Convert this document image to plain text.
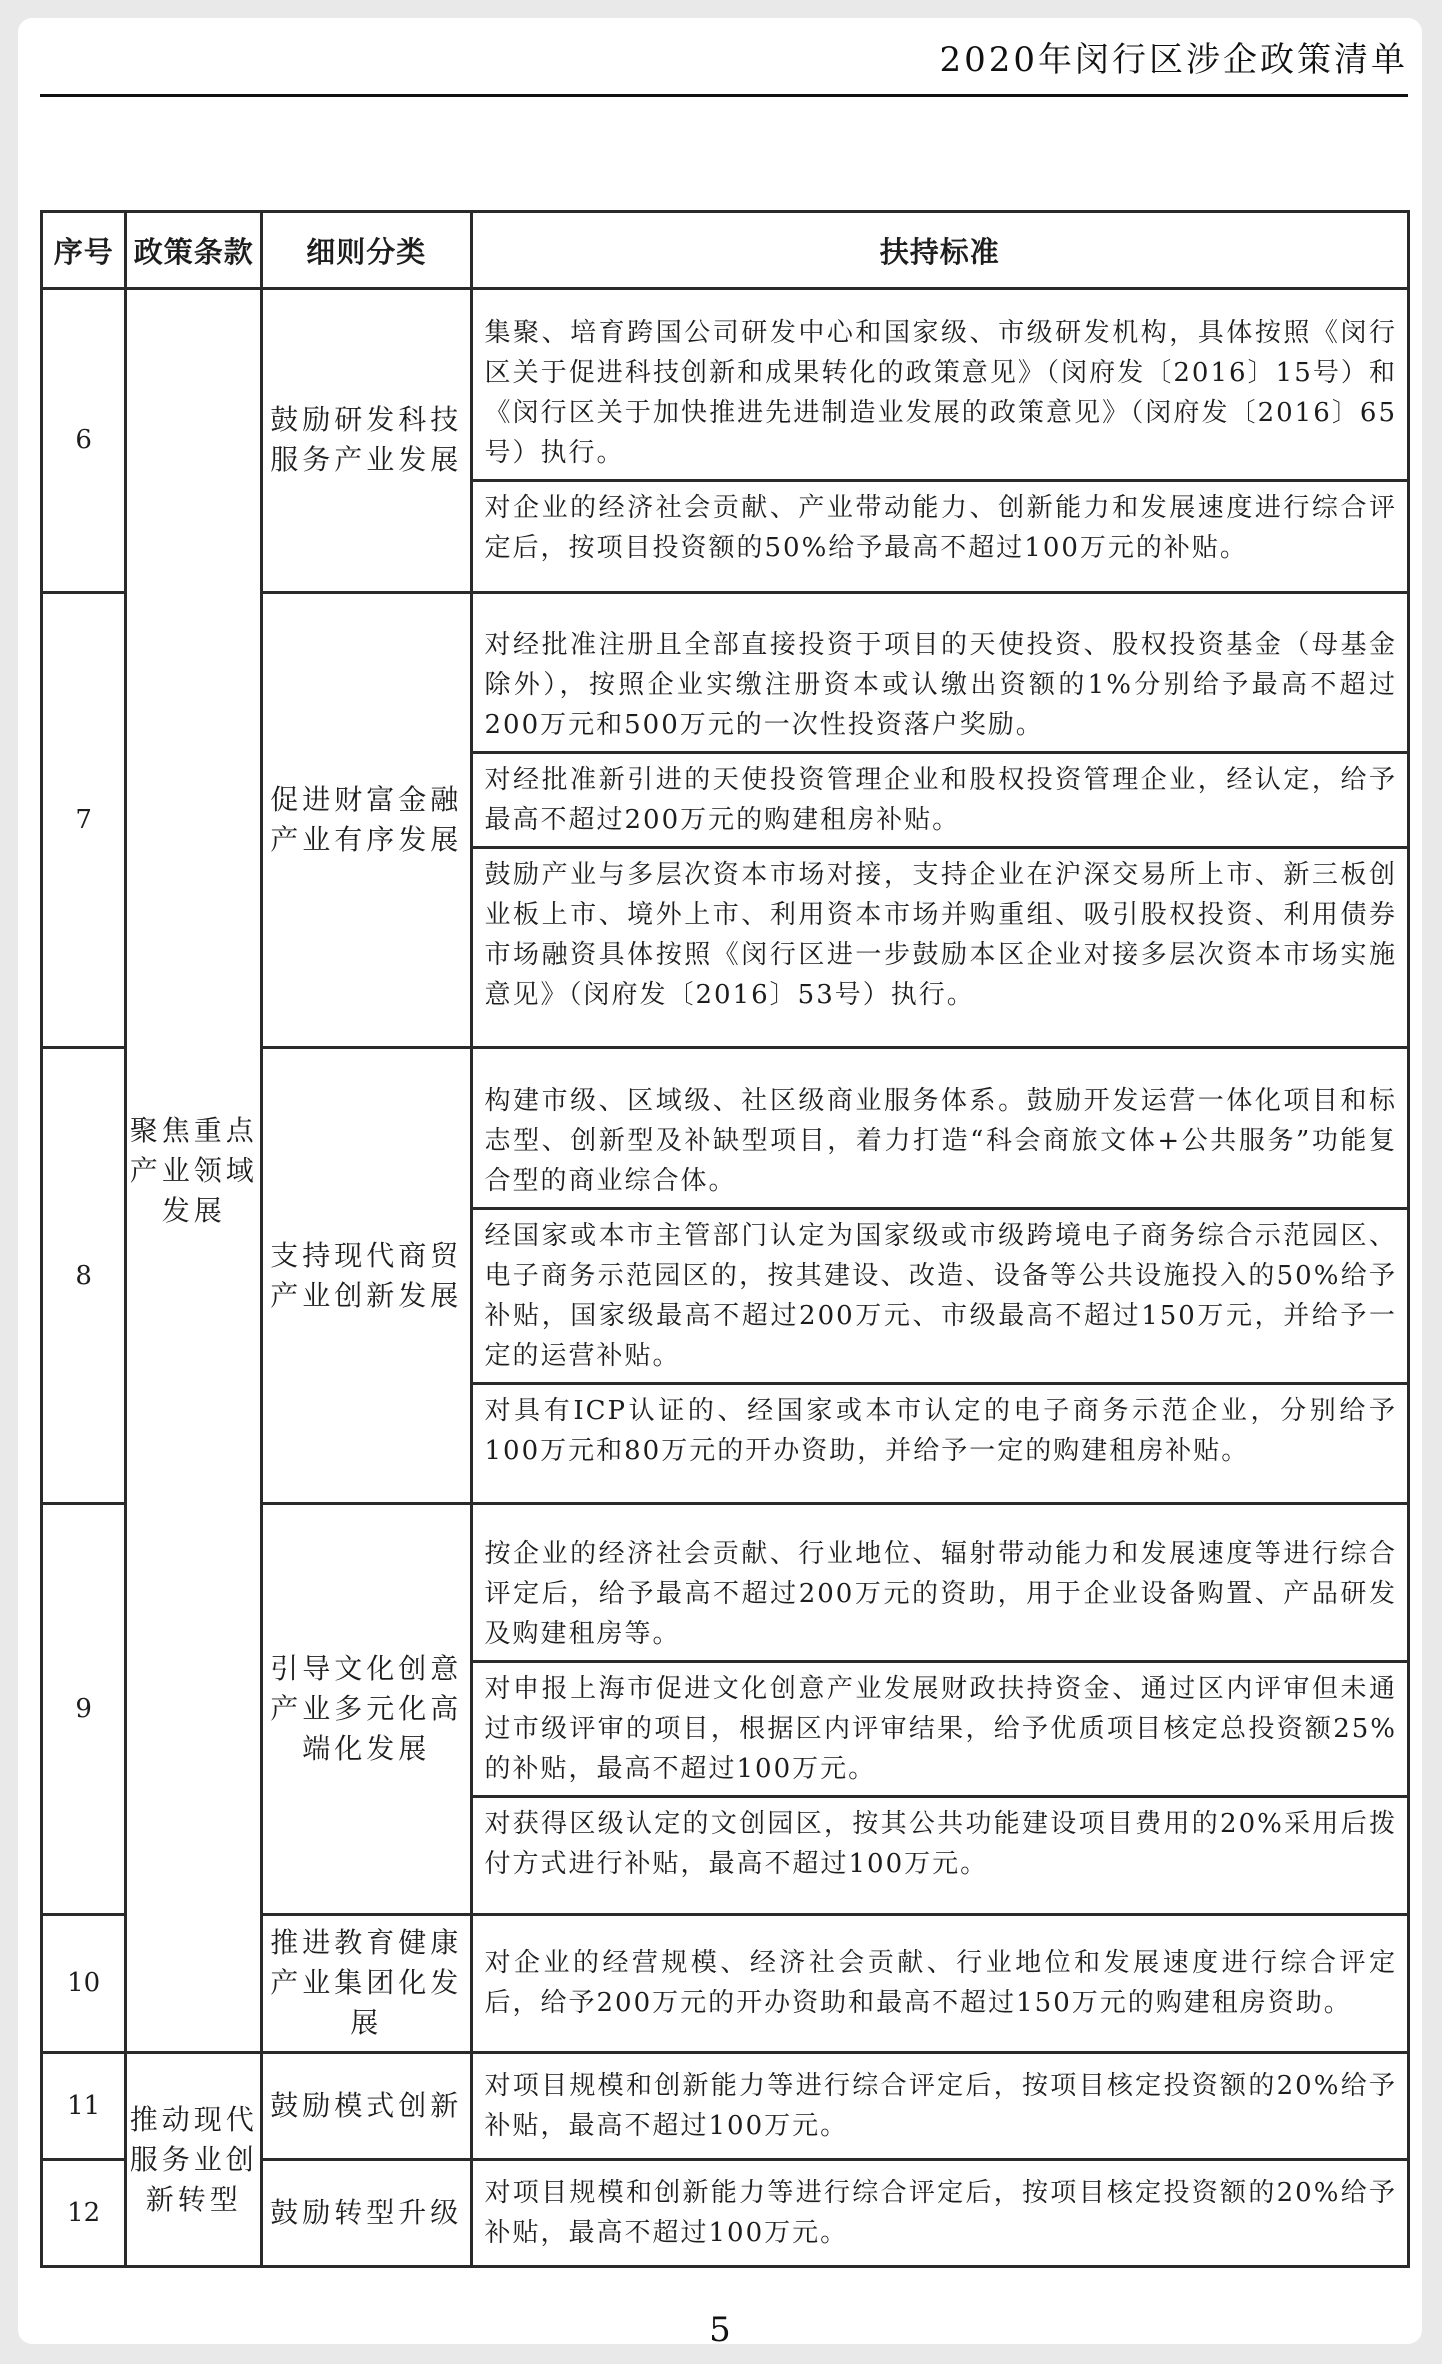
2020年闵行区涉企政策清单
序号	政策条款	细则分类	扶持标准
6	聚焦重点产业领域发展	鼓励研发科技服务产业发展	集聚、培育跨国公司研发中心和国家级、市级研发机构，具体按照《闵行区关于促进科技创新和成果转化的政策意见》（闵府发〔2016〕15号）和《闵行区关于加快推进先进制造业发展的政策意见》（闵府发〔2016〕65号）执行。
对企业的经济社会贡献、产业带动能力、创新能力和发展速度进行综合评定后，按项目投资额的50%给予最高不超过100万元的补贴。

7		促进财富金融产业有序发展	对经批准注册且全部直接投资于项目的天使投资、股权投资基金（母基金除外），按照企业实缴注册资本或认缴出资额的1%分别给予最高不超过200万元和500万元的一次性投资落户奖励。
对经批准新引进的天使投资管理企业和股权投资管理企业，经认定，给予最高不超过200万元的购建租房补贴。
鼓励产业与多层次资本市场对接，支持企业在沪深交易所上市、新三板创业板上市、境外上市、利用资本市场并购重组、吸引股权投资、利用债券市场融资具体按照《闵行区进一步鼓励本区企业对接多层次资本市场实施意见》（闵府发〔2016〕53号）执行。

8		支持现代商贸产业创新发展	构建市级、区域级、社区级商业服务体系。鼓励开发运营一体化项目和标志型、创新型及补缺型项目，着力打造“科会商旅文体+公共服务”功能复合型的商业综合体。
经国家或本市主管部门认定为国家级或市级跨境电子商务综合示范园区、电子商务示范园区的，按其建设、改造、设备等公共设施投入的50%给予补贴，国家级最高不超过200万元、市级最高不超过150万元，并给予一定的运营补贴。
对具有ICP认证的、经国家或本市认定的电子商务示范企业，分别给予100万元和80万元的开办资助，并给予一定的购建租房补贴。

9		引导文化创意产业多元化高端化发展	按企业的经济社会贡献、行业地位、辐射带动能力和发展速度等进行综合评定后，给予最高不超过200万元的资助，用于企业设备购置、产品研发及购建租房等。
对申报上海市促进文化创意产业发展财政扶持资金、通过区内评审但未通过市级评审的项目，根据区内评审结果，给予优质项目核定总投资额25%的补贴，最高不超过100万元。
对获得区级认定的文创园区，按其公共功能建设项目费用的20%采用后拨付方式进行补贴，最高不超过100万元。

10		推进教育健康产业集团化发展	对企业的经营规模、经济社会贡献、行业地位和发展速度进行综合评定后，给予200万元的开办资助和最高不超过150万元的购建租房资助。

11	推动现代服务业创新转型	鼓励模式创新	对项目规模和创新能力等进行综合评定后，按项目核定投资额的20%给予补贴，最高不超过100万元。

12		鼓励转型升级	对项目规模和创新能力等进行综合评定后，按项目核定投资额的20%给予补贴，最高不超过100万元。
5
